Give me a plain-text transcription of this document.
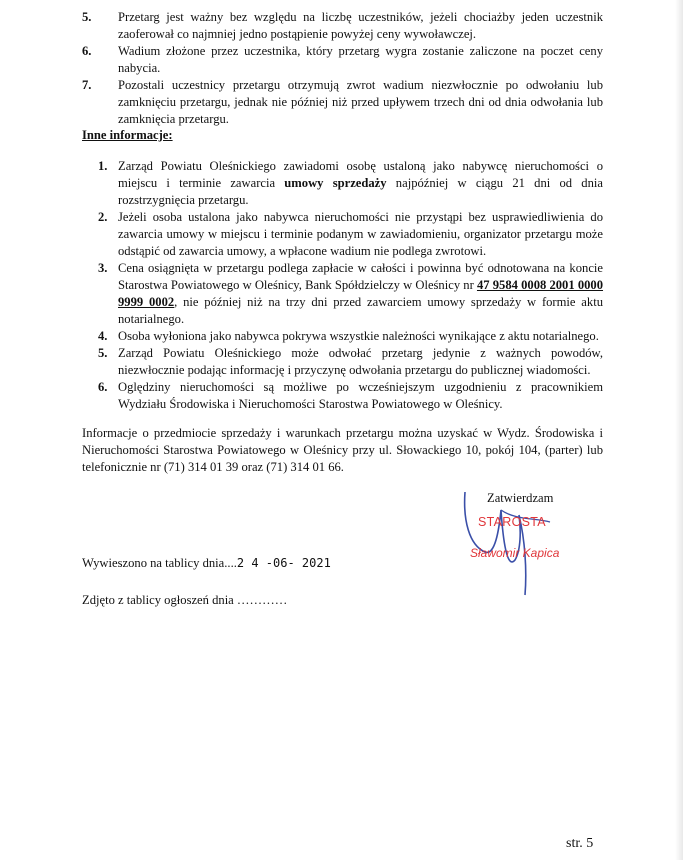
5. Przetarg jest ważny bez względu na liczbę uczestników, jeżeli chociażby jeden uczestnik zaoferował co najmniej jedno postąpienie powyżej ceny wywoławczej.
6. Wadium złożone przez uczestnika, który przetarg wygra zostanie zaliczone na poczet ceny nabycia.
7. Pozostali uczestnicy przetargu otrzymują zwrot wadium niezwłocznie po odwołaniu lub zamknięciu przetargu, jednak nie później niż przed upływem trzech dni od dnia odwołania lub zamknięcia przetargu.
Inne informacje:
1. Zarząd Powiatu Oleśnickiego zawiadomi osobę ustaloną jako nabywcę nieruchomości o miejscu i terminie zawarcia umowy sprzedaży najpóźniej w ciągu 21 dni od dnia rozstrzygnięcia przetargu.
2. Jeżeli osoba ustalona jako nabywca nieruchomości nie przystąpi bez usprawiedliwienia do zawarcia umowy w miejscu i terminie podanym w zawiadomieniu, organizator przetargu może odstąpić od zawarcia umowy, a wpłacone wadium nie podlega zwrotowi.
3. Cena osiągnięta w przetargu podlega zapłacie w całości i powinna być odnotowana na koncie Starostwa Powiatowego w Oleśnicy, Bank Spółdzielczy w Oleśnicy nr 47 9584 0008 2001 0000 9999 0002, nie później niż na trzy dni przed zawarciem umowy sprzedaży w formie aktu notarialnego.
4. Osoba wyłoniona jako nabywca pokrywa wszystkie należności wynikające z aktu notarialnego.
5. Zarząd Powiatu Oleśnickiego może odwołać przetarg jedynie z ważnych powodów, niezwłocznie podając informację i przyczynę odwołania przetargu do publicznej wiadomości.
6. Oględziny nieruchomości są możliwe po wcześniejszym uzgodnieniu z pracownikiem Wydziału Środowiska i Nieruchomości Starostwa Powiatowego w Oleśnicy.
Informacje o przedmiocie sprzedaży i warunkach przetargu można uzyskać w Wydz. Środowiska i Nieruchomości Starostwa Powiatowego w Oleśnicy przy ul. Słowackiego 10, pokój 104, (parter) lub telefonicznie nr (71) 314 01 39 oraz (71) 314 01 66.
Zatwierdzam
STAROSTA
Sławomir Kapica
Wywieszono na tablicy dnia....2 4 -06- 2021
Zdjęto z tablicy ogłoszeń dnia …………
str. 5
